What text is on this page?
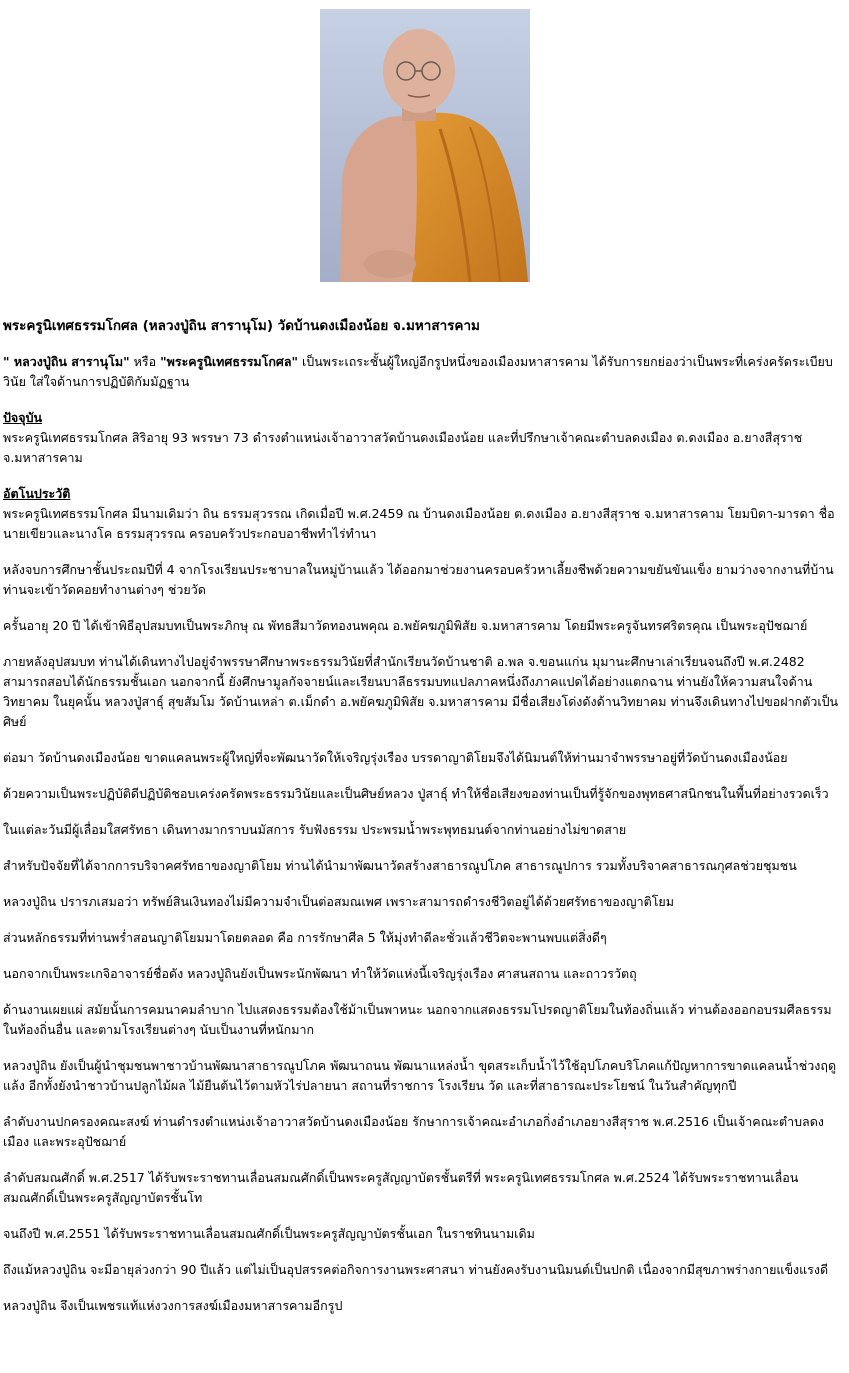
พระครูนิเทศธรรมโกศล (หลวงปู่ถิน สารานุโม) วัดบ้านดงเมืองน้อย จ.มหาสารคาม

" หลวงปู่ถิน สารานุโม" หรือ "พระครูนิเทศธรรมโกศล" เป็นพระเถระชั้นผู้ใหญ่อีกรูปหนึ่งของเมืองมหาสารคาม ได้รับการยกย่องว่าเป็นพระที่เคร่งครัดระเบียบวินัย ใส่ใจด้านการปฏิบัติกัมมัฏฐาน

ปัจจุบัน
พระครูนิเทศธรรมโกศล สิริอายุ 93 พรรษา 73 ดำรงตำแหน่งเจ้าอาวาสวัดบ้านดงเมืองน้อย และที่ปรึกษาเจ้าคณะตำบลดงเมือง ต.ดงเมือง อ.ยางสีสุราช จ.มหาสารคาม

อัตโนประวัติ
พระครูนิเทศธรรมโกศล มีนามเดิมว่า ถิน ธรรมสุวรรณ เกิดเมื่อปี พ.ศ.2459 ณ บ้านดงเมืองน้อย ต.ดงเมือง อ.ยางสีสุราช จ.มหาสารคาม โยมบิดา-มารดา ชื่อ นายเขียวและนางโค ธรรมสุวรรณ ครอบครัวประกอบอาชีพทำไร่ทำนา

หลังจบการศึกษาชั้นประถมปีที่ 4 จากโรงเรียนประชาบาลในหมู่บ้านแล้ว ได้ออกมาช่วยงานครอบครัวหาเลี้ยงชีพด้วยความขยันขันแข็ง ยามว่างจากงานที่บ้าน ท่านจะเข้าวัดคอยทำงานต่างๆ ช่วยวัด

ครั้นอายุ 20 ปี ได้เข้าพิธีอุปสมบทเป็นพระภิกษุ ณ พัทธสีมาวัดทองนพคุณ อ.พยัคฆภูมิพิสัย จ.มหาสารคาม โดยมีพระครูจันทรศริตรคุณ เป็นพระอุปัชฌาย์

ภายหลังอุปสมบท ท่านได้เดินทางไปอยู่จำพรรษาศึกษาพระธรรมวินัยที่สำนักเรียนวัดบ้านชาติ อ.พล จ.ขอนแก่น มุมานะศึกษาเล่าเรียนจนถึงปี พ.ศ.2482 สามารถสอบได้นักธรรมชั้นเอก นอกจากนี้ ยังศึกษามูลกัจจายน์และเรียนบาลีธรรมบทแปลภาคหนึ่งถึงภาคแปดได้อย่างแตกฉาน ท่านยังให้ความสนใจด้านวิทยาคม ในยุคนั้น หลวงปู่สาธุ์ สุขสัมโม วัดบ้านเหล่า ต.เม็กดำ อ.พยัคฆภูมิพิสัย จ.มหาสารคาม มีชื่อเสียงโด่งดังด้านวิทยาคม ท่านจึงเดินทางไปขอฝากตัวเป็นศิษย์

ต่อมา วัดบ้านดงเมืองน้อย ขาดแคลนพระผู้ใหญ่ที่จะพัฒนาวัดให้เจริญรุ่งเรือง บรรดาญาติโยมจึงได้นิมนต์ให้ท่านมาจำพรรษาอยู่ที่วัดบ้านดงเมืองน้อย

ด้วยความเป็นพระปฏิบัติดีปฏิบัติชอบเคร่งครัดพระธรรมวินัยและเป็นศิษย์หลวง ปู่สาธุ์ ทำให้ชื่อเสียงของท่านเป็นที่รู้จักของพุทธศาสนิกชนในพื้นที่อย่างรวดเร็ว

ในแต่ละวันมีผู้เลื่อมใสศรัทธา เดินทางมากราบนมัสการ รับฟังธรรม ประพรมน้ำพระพุทธมนต์จากท่านอย่างไม่ขาดสาย

สำหรับปัจจัยที่ได้จากการบริจาคศรัทธาของญาติโยม ท่านได้นำมาพัฒนาวัดสร้างสาธารณูปโภค สาธารณูปการ รวมทั้งบริจาคสาธารณกุศลช่วยชุมชน

หลวงปู่ถิน ปรารภเสมอว่า ทรัพย์สินเงินทองไม่มีความจำเป็นต่อสมณเพศ เพราะสามารถดำรงชีวิตอยู่ได้ด้วยศรัทธาของญาติโยม

ส่วนหลักธรรมที่ท่านพร่ำสอนญาติโยมมาโดยตลอด คือ การรักษาศีล 5 ให้มุ่งทำดีละชั่วแล้วชีวิตจะพานพบแต่สิ่งดีๆ

นอกจากเป็นพระเกจิอาจารย์ชื่อดัง หลวงปู่ถินยังเป็นพระนักพัฒนา ทำให้วัดแห่งนี้เจริญรุ่งเรือง ศาสนสถาน และถาวรวัตถุ

ด้านงานเผยแผ่ สมัยนั้นการคมนาคมลำบาก ไปแสดงธรรมต้องใช้ม้าเป็นพาหนะ นอกจากแสดงธรรมโปรดญาติโยมในท้องถิ่นแล้ว ท่านต้องออกอบรมศีลธรรมในท้องถิ่นอื่น และตามโรงเรียนต่างๆ นับเป็นงานที่หนักมาก

หลวงปู่ถิน ยังเป็นผู้นำชุมชนพาชาวบ้านพัฒนาสาธารณูปโภค พัฒนาถนน พัฒนาแหล่งน้ำ ขุดสระเก็บน้ำไว้ใช้อุปโภคบริโภคแก้ปัญหาการขาดแคลนน้ำช่วงฤดูแล้ง อีกทั้งยังนำชาวบ้านปลูกไม้ผล ไม้ยืนต้นไว้ตามหัวไร่ปลายนา สถานที่ราชการ โรงเรียน วัด และที่สาธารณะประโยชน์ ในวันสำคัญทุกปี

ลำดับงานปกครองคณะสงฆ์ ท่านดำรงตำแหน่งเจ้าอาวาสวัดบ้านดงเมืองน้อย รักษาการเจ้าคณะอำเภอกิ่งอำเภอยางสีสุราช พ.ศ.2516 เป็นเจ้าคณะตำบลดงเมือง และพระอุปัชฌาย์

ลำดับสมณศักดิ์ พ.ศ.2517 ได้รับพระราชทานเลื่อนสมณศักดิ์เป็นพระครูสัญญาบัตรชั้นตรีที่ พระครูนิเทศธรรมโกศล พ.ศ.2524 ได้รับพระราชทานเลื่อนสมณศักดิ์เป็นพระครูสัญญาบัตรชั้นโท

จนถึงปี พ.ศ.2551 ได้รับพระราชทานเลื่อนสมณศักดิ์เป็นพระครูสัญญาบัตรชั้นเอก ในราชทินนามเดิม

ถึงแม้หลวงปู่ถิน จะมีอายุล่วงกว่า 90 ปีแล้ว แต่ไม่เป็นอุปสรรคต่อกิจการงานพระศาสนา ท่านยังคงรับงานนิมนต์เป็นปกติ เนื่องจากมีสุขภาพร่างกายแข็งแรงดี

หลวงปู่ถิน จึงเป็นเพชรแท้แห่งวงการสงฆ์เมืองมหาสารคามอีกรูป
